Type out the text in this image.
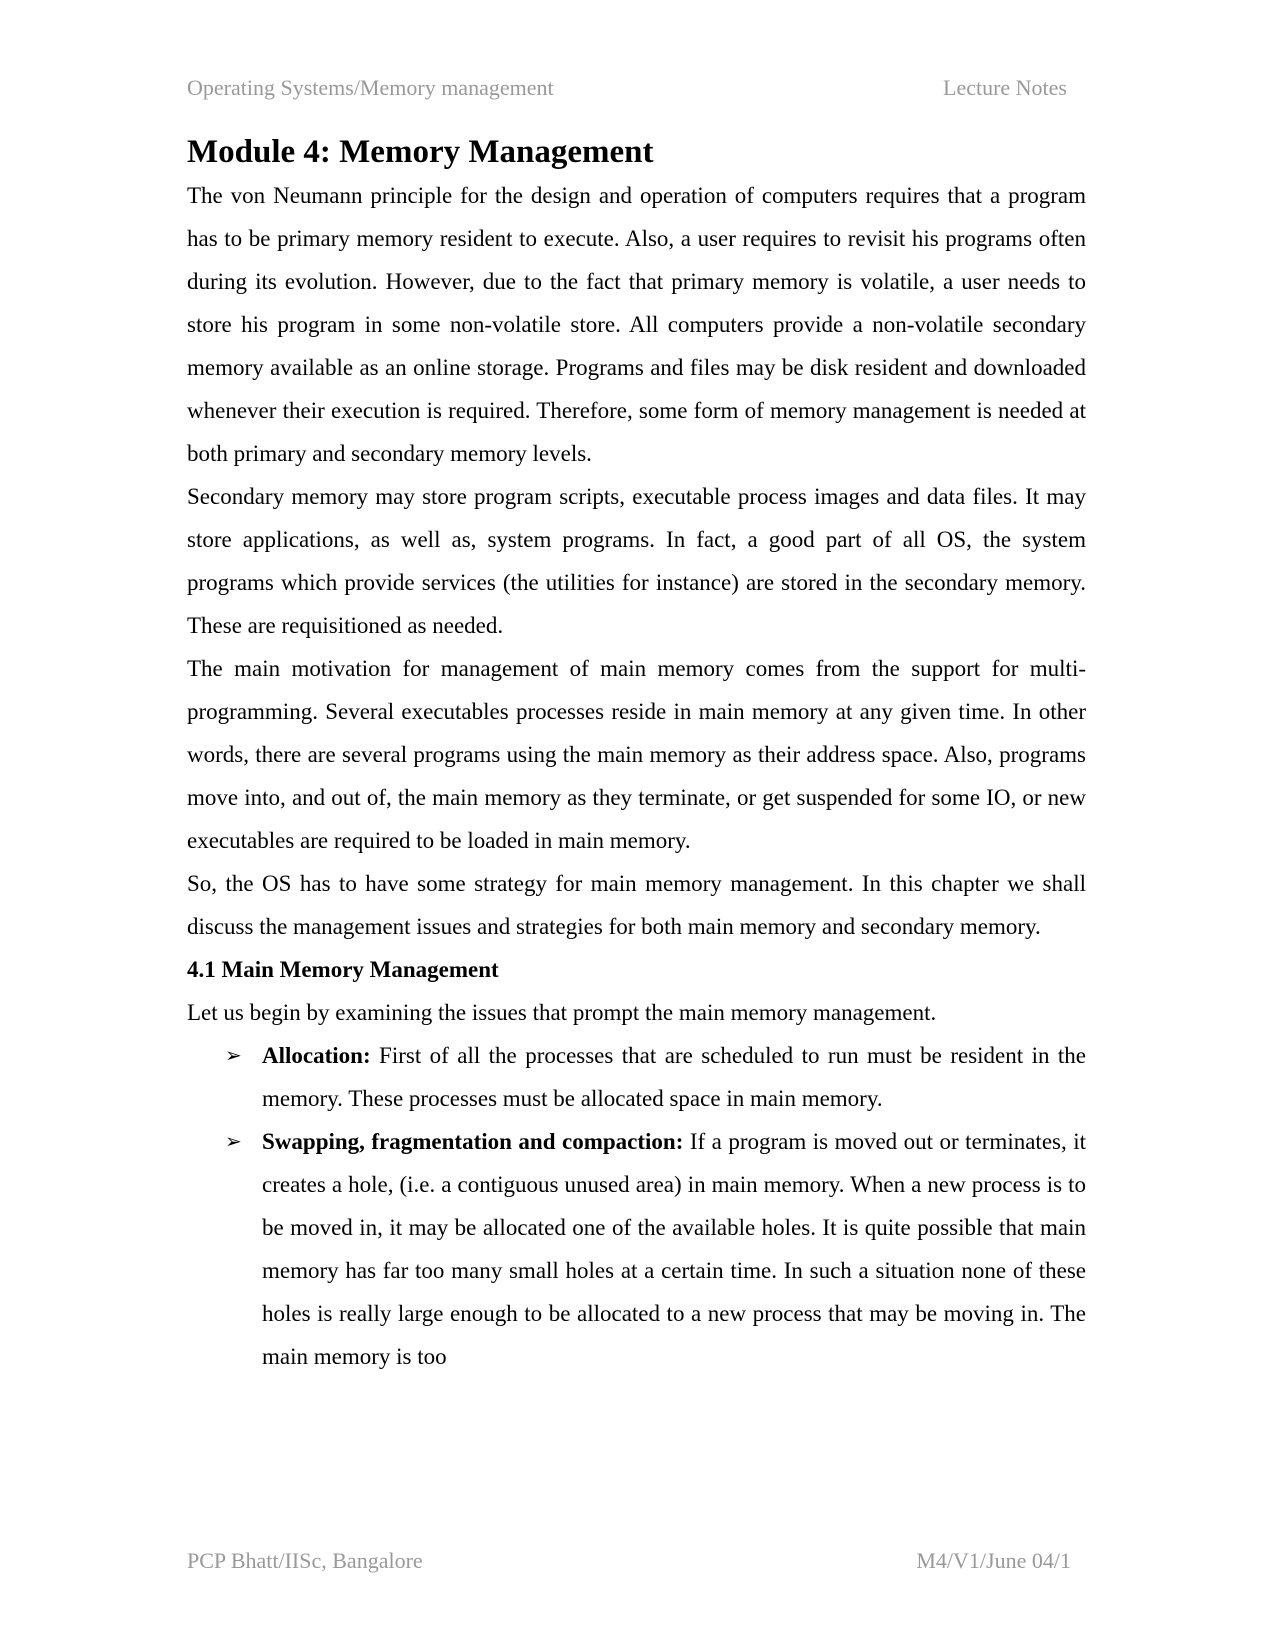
Operating Systems/Memory management	Lecture Notes
Module 4: Memory Management

The von Neumann principle for the design and operation of computers requires that a program has to be primary memory resident to execute. Also, a user requires to revisit his programs often during its evolution. However, due to the fact that primary memory is volatile, a user needs to store his program in some non-volatile store. All computers provide a non-volatile secondary memory available as an online storage. Programs and files may be disk resident and downloaded whenever their execution is required. Therefore, some form of memory management is needed at both primary and secondary memory levels.

Secondary memory may store program scripts, executable process images and data files. It may store applications, as well as, system programs. In fact, a good part of all OS, the system programs which provide services (the utilities for instance) are stored in the secondary memory. These are requisitioned as needed.

The main motivation for management of main memory comes from the support for multi-programming. Several executables processes reside in main memory at any given time. In other words, there are several programs using the main memory as their address space. Also, programs move into, and out of, the main memory as they terminate, or get suspended for some IO, or new executables are required to be loaded in main memory.

So, the OS has to have some strategy for main memory management. In this chapter we shall discuss the management issues and strategies for both main memory and secondary memory.

4.1 Main Memory Management

Let us begin by examining the issues that prompt the main memory management.

➢ Allocation: First of all the processes that are scheduled to run must be resident in the memory. These processes must be allocated space in main memory.
➢ Swapping, fragmentation and compaction: If a program is moved out or terminates, it creates a hole, (i.e. a contiguous unused area) in main memory. When a new process is to be moved in, it may be allocated one of the available holes. It is quite possible that main memory has far too many small holes at a certain time. In such a situation none of these holes is really large enough to be allocated to a new process that may be moving in. The main memory is too
PCP Bhatt/IISc, Bangalore	M4/V1/June 04/1
